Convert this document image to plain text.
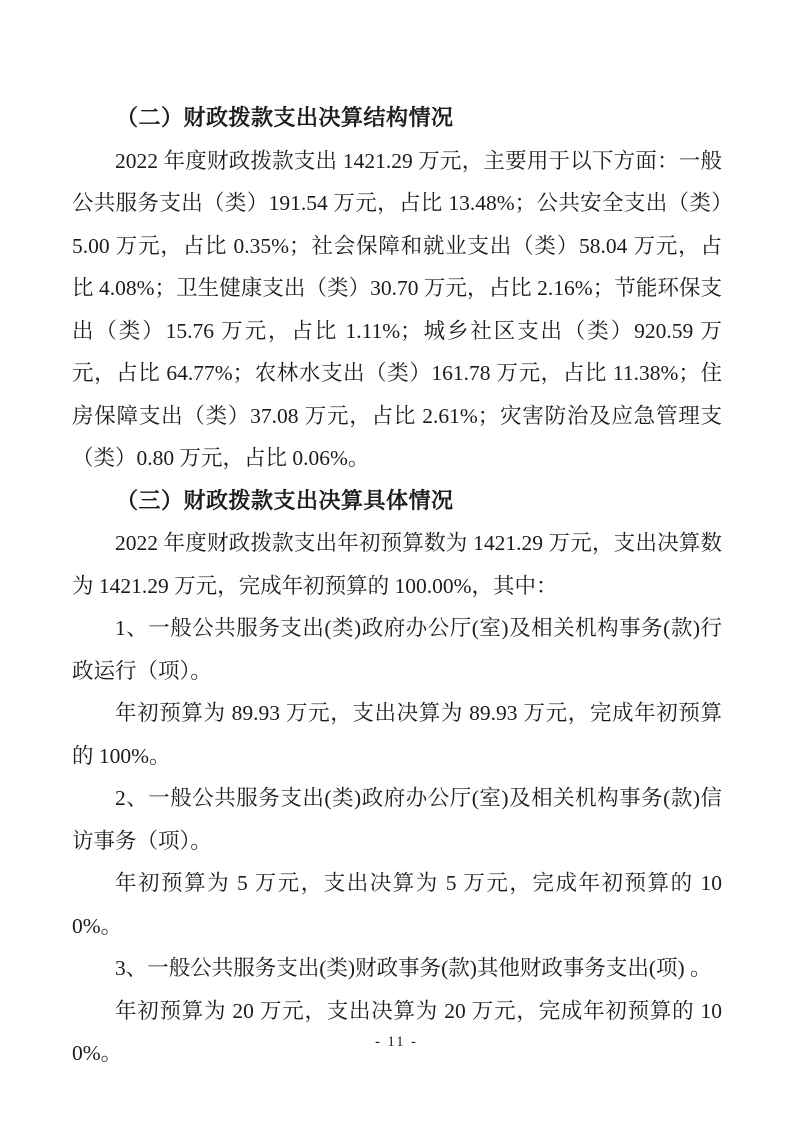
（二）财政拨款支出决算结构情况

2022 年度财政拨款支出 1421.29 万元，主要用于以下方面：一般公共服务支出（类）191.54 万元，占比 13.48%；公共安全支出（类）5.00 万元，占比 0.35%；社会保障和就业支出（类）58.04 万元，占比 4.08%；卫生健康支出（类）30.70 万元，占比 2.16%；节能环保支出（类）15.76 万元，占比 1.11%；城乡社区支出（类）920.59 万元，占比 64.77%；农林水支出（类）161.78 万元，占比 11.38%；住房保障支出（类）37.08 万元，占比 2.61%；灾害防治及应急管理支（类）0.80 万元，占比 0.06%。

（三）财政拨款支出决算具体情况

2022 年度财政拨款支出年初预算数为 1421.29 万元，支出决算数为 1421.29 万元，完成年初预算的 100.00%，其中：

1、一般公共服务支出(类)政府办公厅(室)及相关机构事务(款)行政运行（项）。

年初预算为 89.93 万元，支出决算为 89.93 万元，完成年初预算的 100%。

2、一般公共服务支出(类)政府办公厅(室)及相关机构事务(款)信访事务（项）。

年初预算为 5 万元，支出决算为 5 万元，完成年初预算的 100%。

3、一般公共服务支出(类)财政事务(款)其他财政事务支出(项) 。

年初预算为 20 万元，支出决算为 20 万元，完成年初预算的 100%。	- 11 -
